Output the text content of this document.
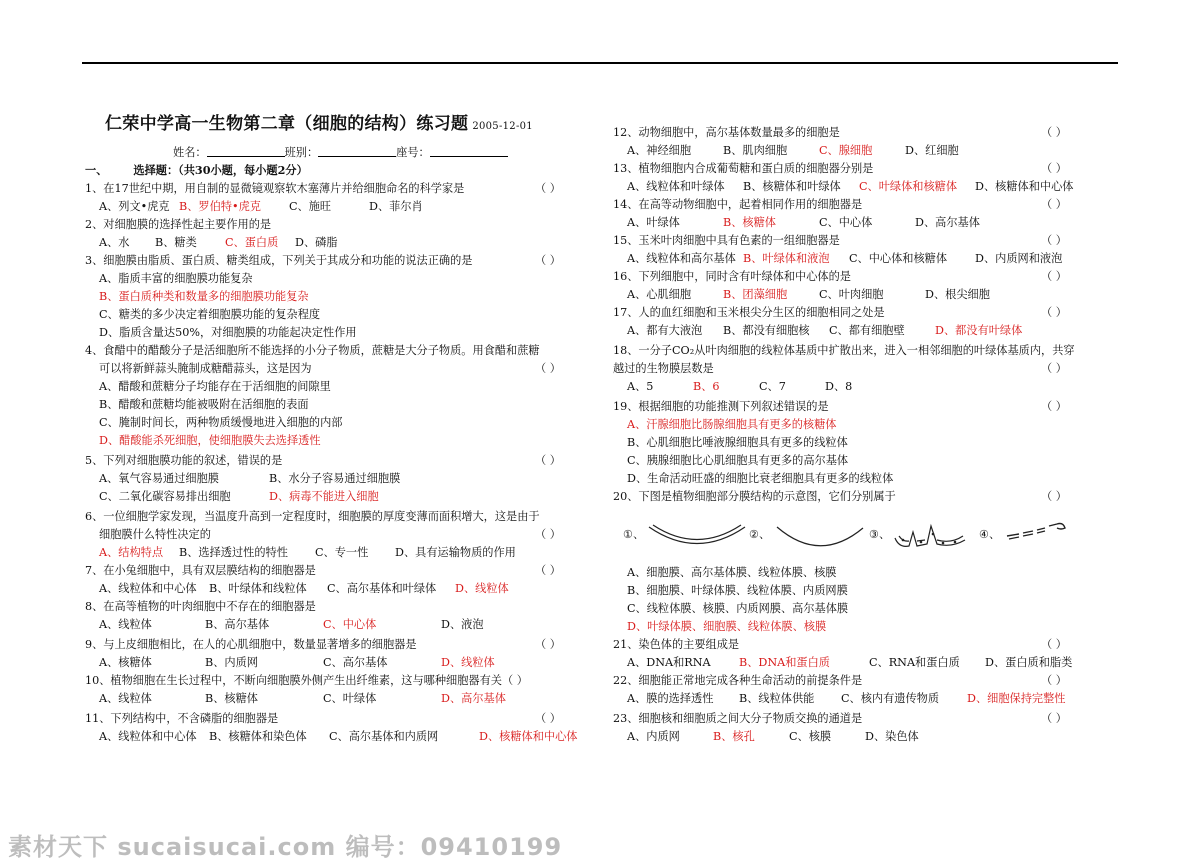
仁荣中学高一生物第二章（细胞的结构）练习题 2005-12-01
姓名：	班别：	座号：
一、 选择题：（共30小题，每小题2分）
1、在17世纪中期，用自制的显微镜观察软木塞薄片并给细胞命名的科学家是	（ ）
A、列文•虎克 B、罗伯特•虎克	C、施旺	D、菲尔肖
2、对细胞膜的选择性起主要作用的是
A、水 B、糖类	C、蛋白质 D、磷脂
3、细胞膜由脂质、蛋白质、糖类组成，下列关于其成分和功能的说法正确的是	（ ）
A、脂质丰富的细胞膜功能复杂
B、蛋白质种类和数量多的细胞膜功能复杂
C、糖类的多少决定着细胞膜功能的复杂程度
D、脂质含量达50%，对细胞膜的功能起决定性作用
4、食醋中的醋酸分子是活细胞所不能选择的小分子物质，蔗糖是大分子物质。用食醋和蔗糖
可以将新鲜蒜头腌制成糖醋蒜头，这是因为	（ ）
A、醋酸和蔗糖分子均能存在于活细胞的间隙里
B、醋酸和蔗糖均能被吸附在活细胞的表面
C、腌制时间长，两种物质缓慢地进入细胞的内部
D、醋酸能杀死细胞，使细胞膜失去选择透性
5、下列对细胞膜功能的叙述，错误的是	（ ）
A、氧气容易通过细胞膜	B、水分子容易通过细胞膜
C、二氧化碳容易排出细胞	D、病毒不能进入细胞
6、一位细胞学家发现，当温度升高到一定程度时，细胞膜的厚度变薄而面积增大，这是由于
细胞膜什么特性决定的	（ ）
A、结构特点 B、选择透过性的特性 C、专一性 D、具有运输物质的作用
7、在小兔细胞中，具有双层膜结构的细胞器是	（ ）
A、线粒体和中心体 B、叶绿体和线粒体 C、高尔基体和叶绿体 D、线粒体
8、在高等植物的叶肉细胞中不存在的细胞器是
A、线粒体	B、高尔基体	C、中心体	D、液泡
9、与上皮细胞相比，在人的心肌细胞中，数量显著增多的细胞器是	（ ）
A、核糖体	B、内质网	C、高尔基体	D、线粒体
10、植物细胞在生长过程中，不断向细胞膜外侧产生出纤维素，这与哪种细胞器有关（ ）
A、线粒体	B、核糖体	C、叶绿体	D、高尔基体
11、下列结构中，不含磷脂的细胞器是	（ ）
A、线粒体和中心体 B、核糖体和染色体 C、高尔基体和内质网	D、核糖体和中心体
12、动物细胞中，高尔基体数量最多的细胞是	（ ）
A、神经细胞	B、肌肉细胞	C、腺细胞	D、红细胞
13、植物细胞内合成葡萄糖和蛋白质的细胞器分别是	（ ）
A、线粒体和叶绿体 B、核糖体和叶绿体 C、叶绿体和核糖体 D、核糖体和中心体
14、在高等动物细胞中，起着相同作用的细胞器是	（ ）
A、叶绿体	B、核糖体	C、中心体	D、高尔基体
15、玉米叶肉细胞中具有色素的一组细胞器是	（ ）
A、线粒体和高尔基体 B、叶绿体和液泡 C、中心体和核糖体 D、内质网和液泡
16、下列细胞中，同时含有叶绿体和中心体的是	（ ）
A、心肌细胞	B、团藻细胞	C、叶肉细胞	D、根尖细胞
17、人的血红细胞和玉米根尖分生区的细胞相同之处是	（ ）
A、都有大液泡 B、都没有细胞核 C、都有细胞壁	D、都没有叶绿体
18、一分子CO₂从叶肉细胞的线粒体基质中扩散出来，进入一相邻细胞的叶绿体基质内，共穿
越过的生物膜层数是	（ ）
A、5	B、6	C、7	D、8
19、根据细胞的功能推测下列叙述错误的是	（ ）
A、汗腺细胞比肠腺细胞具有更多的核糖体
B、心肌细胞比唾液腺细胞具有更多的线粒体
C、胰腺细胞比心肌细胞具有更多的高尔基体
D、生命活动旺盛的细胞比衰老细胞具有更多的线粒体
20、下图是植物细胞部分膜结构的示意图，它们分别属于	（ ）
①、	②、	③、	④、
A、细胞膜、高尔基体膜、线粒体膜、核膜
B、细胞膜、叶绿体膜、线粒体膜、内质网膜
C、线粒体膜、核膜、内质网膜、高尔基体膜
D、叶绿体膜、细胞膜、线粒体膜、核膜
21、染色体的主要组成是	（ ）
A、DNA和RNA	B、DNA和蛋白质	C、RNA和蛋白质 D、蛋白质和脂类
22、细胞能正常地完成各种生命活动的前提条件是	（ ）
A、膜的选择透性 B、线粒体供能 C、核内有遗传物质 D、细胞保持完整性
23、细胞核和细胞质之间大分子物质交换的通道是	（ ）
A、内质网	B、核孔	C、核膜	D、染色体
素材天下 sucaisucai.com 编号：09410199
